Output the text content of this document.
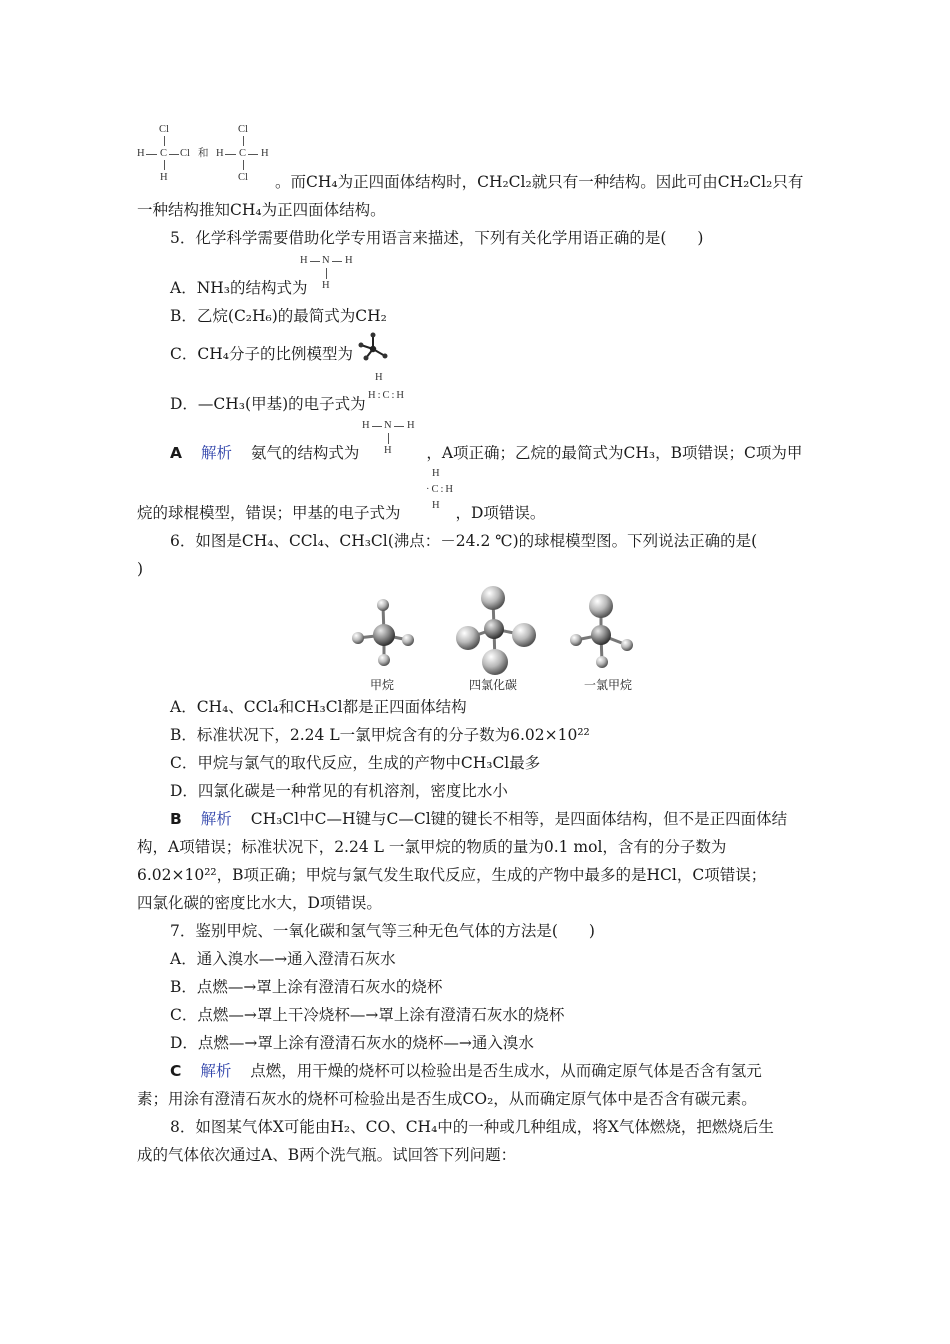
Cl
H C Cl
H
和
Cl
H C H
Cl 。而CH₄为正四面体结构时，CH₂Cl₂就只有一种结构。因此可由CH₂Cl₂只有
一种结构推知CH₄为正四面体结构。
5．化学科学需要借助化学专用语言来描述，下列有关化学用语正确的是(　　)
H N H
H
A．NH₃的结构式为
B．乙烷(C₂H₆)的最简式为CH₂
C．CH₄分子的比例模型为
H
H:C:H
D．—CH₃(甲基)的电子式为
H N H
H
A 解析 氨气的结构式为	，A项正确；乙烷的最简式为CH₃，B项错误；C项为甲
H
·C:H
H
烷的球棍模型，错误；甲基的电子式为	，D项错误。
6．如图是CH₄、CCl₄、CH₃Cl(沸点：－24.2 ℃)的球棍模型图。下列说法正确的是(
)
甲烷	四氯化碳	一氯甲烷
A．CH₄、CCl₄和CH₃Cl都是正四面体结构
B．标准状况下，2.24 L一氯甲烷含有的分子数为6.02×10²²
C．甲烷与氯气的取代反应，生成的产物中CH₃Cl最多
D．四氯化碳是一种常见的有机溶剂，密度比水小
B 解析 CH₃Cl中C—H键与C—Cl键的键长不相等，是四面体结构，但不是正四面体结
构，A项错误；标准状况下，2.24 L 一氯甲烷的物质的量为0.1 mol，含有的分子数为
6.02×10²²，B项正确；甲烷与氯气发生取代反应，生成的产物中最多的是HCl，C项错误；
四氯化碳的密度比水大，D项错误。
7．鉴别甲烷、一氧化碳和氢气等三种无色气体的方法是(　　)
A．通入溴水—→通入澄清石灰水
B．点燃—→罩上涂有澄清石灰水的烧杯
C．点燃—→罩上干冷烧杯—→罩上涂有澄清石灰水的烧杯
D．点燃—→罩上涂有澄清石灰水的烧杯—→通入溴水
C 解析 点燃，用干燥的烧杯可以检验出是否生成水，从而确定原气体是否含有氢元
素；用涂有澄清石灰水的烧杯可检验出是否生成CO₂，从而确定原气体中是否含有碳元素。
8．如图某气体X可能由H₂、CO、CH₄中的一种或几种组成，将X气体燃烧，把燃烧后生
成的气体依次通过A、B两个洗气瓶。试回答下列问题：
